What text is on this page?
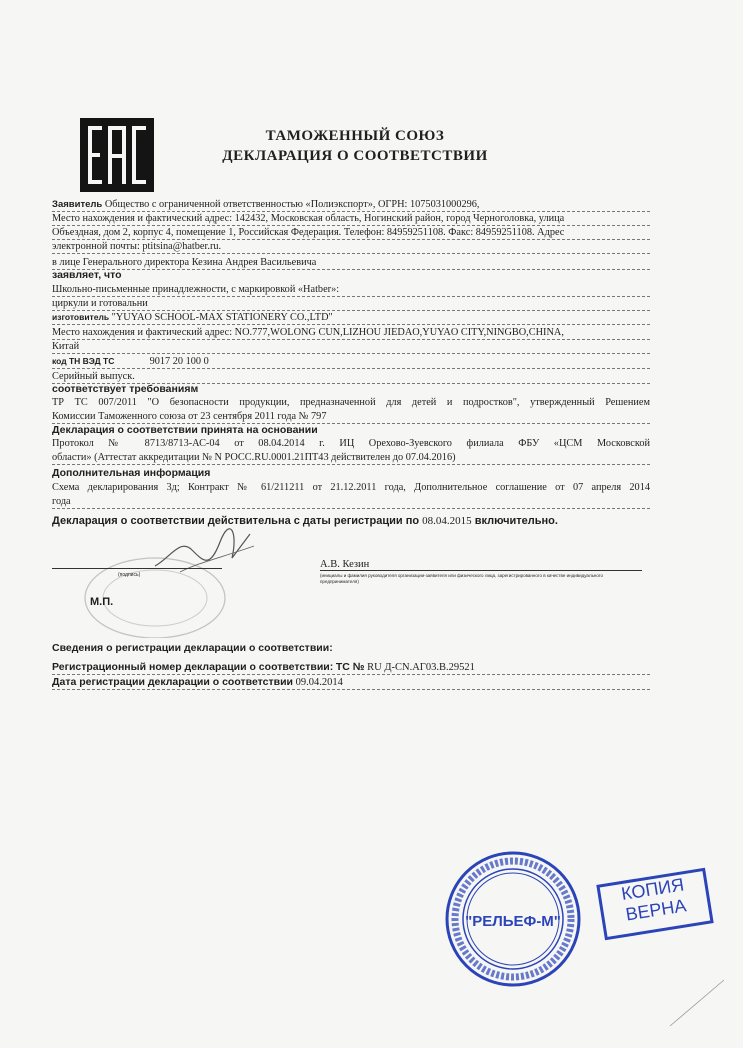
ТАМОЖЕННЫЙ СОЮЗ
ДЕКЛАРАЦИЯ О СООТВЕТСТВИИ
Заявитель Общество с ограниченной ответственностью «Полиэкспорт», ОГРН: 1075031000296,
Место нахождения и фактический адрес: 142432, Московская область, Ногинский район, город Черноголовка, улица
Объездная, дом 2, корпус 4, помещение 1, Российская Федерация. Телефон: 84959251108. Факс: 84959251108. Адрес
электронной почты: ptitsina@hatber.ru.
в лице Генерального директора Кезина Андрея Васильевича
заявляет, что
Школьно-письменные принадлежности, с маркировкой «Hatber»:
циркули и готовальни
изготовитель "YUYAO SCHOOL-MAX STATIONERY CO.,LTD"
Место нахождения и фактический адрес: NO.777,WOLONG CUN,LIZHOU JIEDAO,YUYAO CITY,NINGBO,CHINA,
Китай
код ТН ВЭД ТС	9017 20 100 0
Серийный выпуск.
соответствует требованиям
ТР ТС 007/2011 "О безопасности продукции, предназначенной для детей и подростков", утвержденный Решением
Комиссии Таможенного союза от 23 сентября 2011 года № 797
Декларация о соответствии принята на основании
Протокол № 8713/8713-АС-04 от 08.04.2014 г. ИЦ Орехово-Зуевского филиала ФБУ «ЦСМ Московской
области» (Аттестат аккредитации № N РОСС.RU.0001.21ПТ43 действителен до 07.04.2016)
Дополнительная информация
Схема декларирования 3д; Контракт № 61/211211 от 21.12.2011 года, Дополнительное соглашение от 07 апреля 2014
года
Декларация о соответствии действительна с даты регистрации по 08.04.2015 включительно.
(подпись)
М.П.
А.В. Кезин
(инициалы и фамилия руководителя организации-заявителя или физического лица, зарегистрированного в качестве индивидуального предпринимателя)
Сведения о регистрации декларации о соответствии:
Регистрационный номер декларации о соответствии: ТС № RU Д-CN.АГ03.В.29521
Дата регистрации декларации о соответствии 09.04.2014
"РЕЛЬЕФ-М"
КОПИЯ
ВЕРНА
